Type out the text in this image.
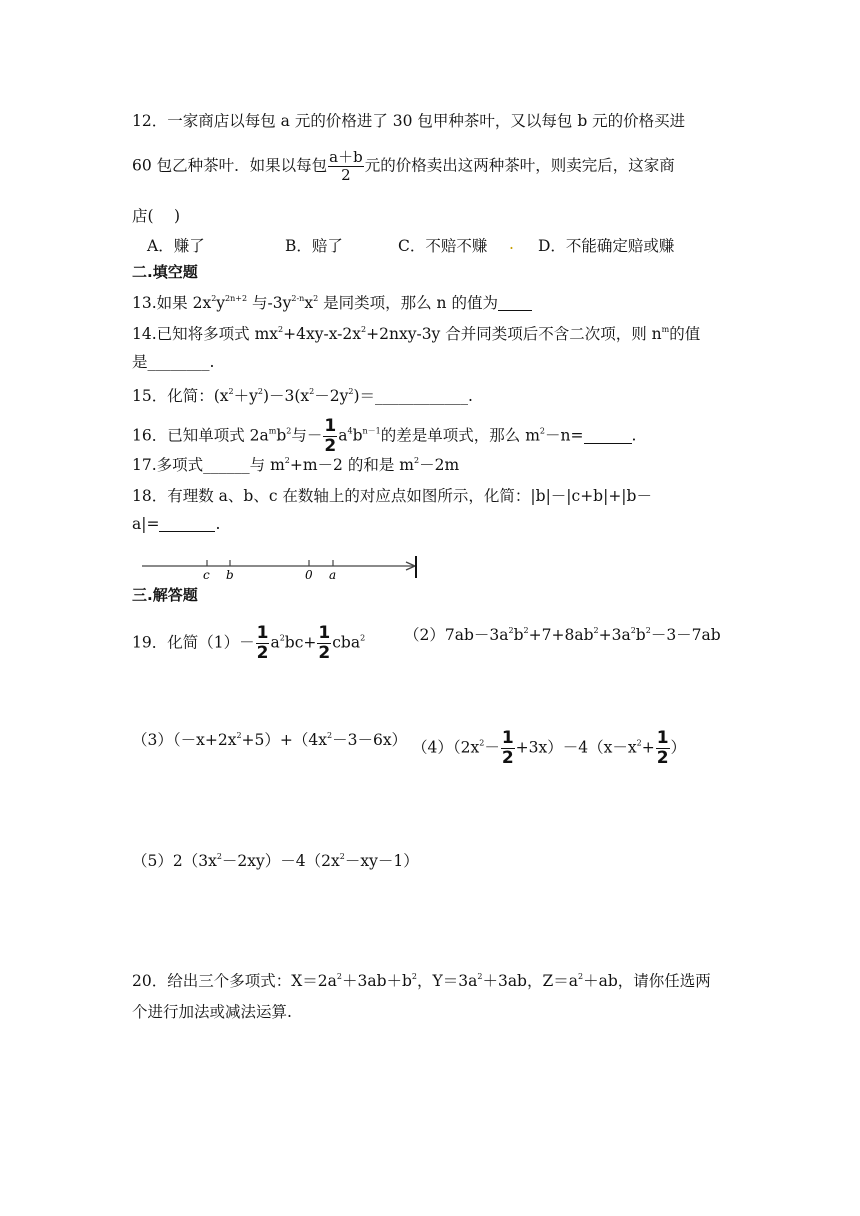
12．一家商店以每包 a 元的价格进了 30 包甲种茶叶，又以每包 b 元的价格买进
60 包乙种茶叶．如果以每包 $\frac{a+b}{2}$ 元的价格卖出这两种茶叶，则卖完后，这家商
店(　 )
A．赚了	B．赔了	C．不赔不赚 . D．不能确定赔或赚
二.填空题
13.如果 $2x^2y^{2n+2}$ 与$-3y^{2-n}x^2$ 是同类项，那么 n 的值为
14.已知将多项式 $mx^2+4xy-x-2x^2+2nxy-3y$ 合并同类项后不含二次项，则 $n^m$的值
是________.
15．化简：$(x^2+y^2)-3(x^2-2y^2)=\_\_\_\_\_\_\_\_\_\_\_\_$.
16．已知单项式 $2a^mb^2$与－ $\frac{1}{2} a^4b^{n-1}$的差是单项式，那么 $m^2-n=$	.
17.多项式______与 $m^2+m-2$ 的和是 $m^2-2m$
18．有理数 a、b、c 在数轴上的对应点如图所示，化简：|b|－|c+b|+|b－
a|=	.
c b	0 a
三.解答题
19．化简$(1)- \frac{1}{2} a^2bc+ \frac{1}{2} cba^2$	$(2)7ab-3a^2b^2+7+8ab^2+3a^2b^2-3-7ab$
$(3)(-x+2x^2+5)+(4x^2-3-6x)$ $(4)(2x^2- \frac{1}{2} +3x)-4(x-x^2+ \frac{1}{2}$ ）
$(5)2(3x^2-2xy)-4(2x^2-xy-1)$
20．给出三个多项式：$X=2a^2+3ab+b^2$，$Y=3a^2+3ab$，$Z=a^2+ab$，请你任选两
个进行加法或减法运算.
